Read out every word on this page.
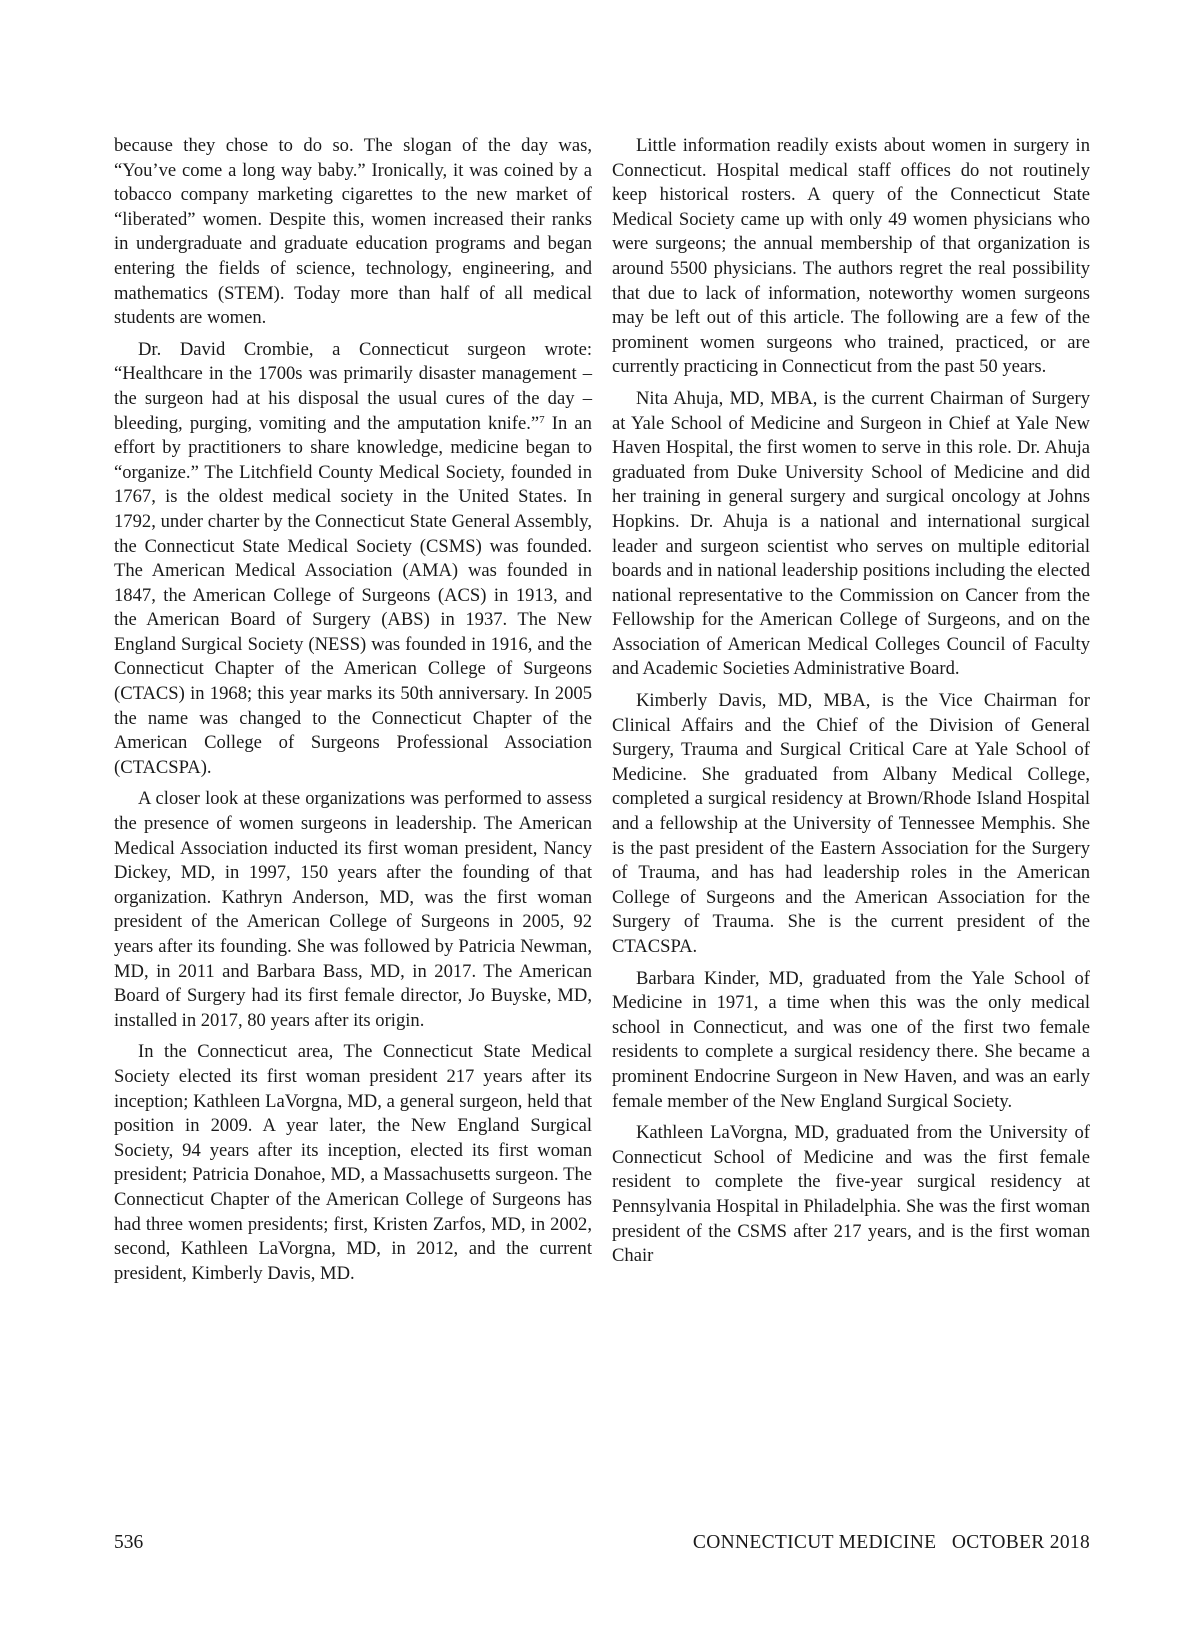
because they chose to do so. The slogan of the day was, “You’ve come a long way baby.” Ironically, it was coined by a tobacco company marketing cigarettes to the new market of “liberated” women. Despite this, women increased their ranks in undergraduate and graduate education programs and began entering the fields of science, technology, engineering, and mathematics (STEM). Today more than half of all medical students are women.

Dr. David Crombie, a Connecticut surgeon wrote: “Healthcare in the 1700s was primarily disaster management – the surgeon had at his disposal the usual cures of the day – bleeding, purging, vomiting and the amputation knife.”$^7$ In an effort by practitioners to share knowledge, medicine began to “organize.” The Litchfield County Medical Society, founded in 1767, is the oldest medical society in the United States. In 1792, under charter by the Connecticut State General Assembly, the Connecticut State Medical Society (CSMS) was founded. The American Medical Association (AMA) was founded in 1847, the American College of Surgeons (ACS) in 1913, and the American Board of Surgery (ABS) in 1937. The New England Surgical Society (NESS) was founded in 1916, and the Connecticut Chapter of the American College of Surgeons (CTACS) in 1968; this year marks its 50th anniversary. In 2005 the name was changed to the Connecticut Chapter of the American College of Surgeons Professional Association (CTACSPA).

A closer look at these organizations was performed to assess the presence of women surgeons in leadership. The American Medical Association inducted its first woman president, Nancy Dickey, MD, in 1997, 150 years after the founding of that organization. Kathryn Anderson, MD, was the first woman president of the American College of Surgeons in 2005, 92 years after its founding. She was followed by Patricia Newman, MD, in 2011 and Barbara Bass, MD, in 2017. The American Board of Surgery had its first female director, Jo Buyske, MD, installed in 2017, 80 years after its origin.

In the Connecticut area, The Connecticut State Medical Society elected its first woman president 217 years after its inception; Kathleen LaVorgna, MD, a general surgeon, held that position in 2009. A year later, the New England Surgical Society, 94 years after its inception, elected its first woman president; Patricia Donahoe, MD, a Massachusetts surgeon. The Connecticut Chapter of the American College of Surgeons has had three women presidents; first, Kristen Zarfos, MD, in 2002, second, Kathleen LaVorgna, MD, in 2012, and the current president, Kimberly Davis, MD.

Little information readily exists about women in surgery in Connecticut. Hospital medical staff offices do not routinely keep historical rosters. A query of the Connecticut State Medical Society came up with only 49 women physicians who were surgeons; the annual membership of that organization is around 5500 physicians. The authors regret the real possibility that due to lack of information, noteworthy women surgeons may be left out of this article. The following are a few of the prominent women surgeons who trained, practiced, or are currently practicing in Connecticut from the past 50 years.

Nita Ahuja, MD, MBA, is the current Chairman of Surgery at Yale School of Medicine and Surgeon in Chief at Yale New Haven Hospital, the first women to serve in this role. Dr. Ahuja graduated from Duke University School of Medicine and did her training in general surgery and surgical oncology at Johns Hopkins. Dr. Ahuja is a national and international surgical leader and surgeon scientist who serves on multiple editorial boards and in national leadership positions including the elected national representative to the Commission on Cancer from the Fellowship for the American College of Surgeons, and on the Association of American Medical Colleges Council of Faculty and Academic Societies Administrative Board.

Kimberly Davis, MD, MBA, is the Vice Chairman for Clinical Affairs and the Chief of the Division of General Surgery, Trauma and Surgical Critical Care at Yale School of Medicine. She graduated from Albany Medical College, completed a surgical residency at Brown/Rhode Island Hospital and a fellowship at the University of Tennessee Memphis. She is the past president of the Eastern Association for the Surgery of Trauma, and has had leadership roles in the American College of Surgeons and the American Association for the Surgery of Trauma. She is the current president of the CTACSPA.

Barbara Kinder, MD, graduated from the Yale School of Medicine in 1971, a time when this was the only medical school in Connecticut, and was one of the first two female residents to complete a surgical residency there. She became a prominent Endocrine Surgeon in New Haven, and was an early female member of the New England Surgical Society.

Kathleen LaVorgna, MD, graduated from the University of Connecticut School of Medicine and was the first female resident to complete the five-year surgical residency at Pennsylvania Hospital in Philadelphia. She was the first woman president of the CSMS after 217 years, and is the first woman Chair

536	CONNECTICUT MEDICINE OCTOBER 2018
